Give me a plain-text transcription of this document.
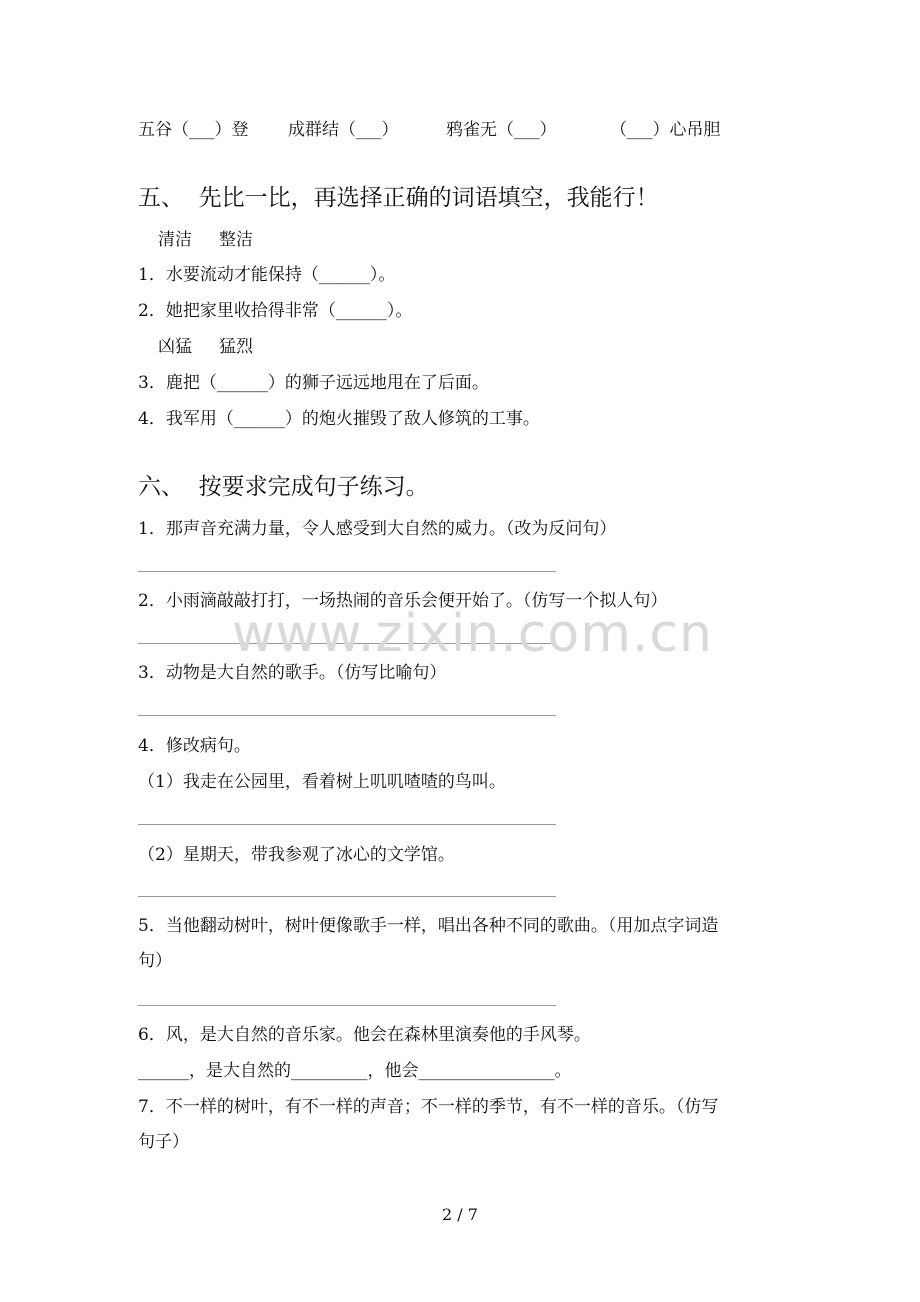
五谷（___）登 成群结（___）	鸦雀无（___）	（___）心吊胆
五、  先比一比，再选择正确的词语填空，我能行！
清洁     整洁
1．水要流动才能保持（______）。
2．她把家里收拾得非常（______）。
凶猛     猛烈
3．鹿把（______）的狮子远远地甩在了后面。
4．我军用（______）的炮火摧毁了敌人修筑的工事。
六、  按要求完成句子练习。
1．那声音充满力量，令人感受到大自然的威力。（改为反问句）
2．小雨滴敲敲打打，一场热闹的音乐会便开始了。（仿写一个拟人句）
3．动物是大自然的歌手。（仿写比喻句）
4．修改病句。
（1）我走在公园里，看着树上叽叽喳喳的鸟叫。
（2）星期天，带我参观了冰心的文学馆。
5．当他翻动树叶，树叶便像歌手一样，唱出各种不同的歌曲。（用加点字词造
句）
6．风，是大自然的音乐家。他会在森林里演奏他的手风琴。
______，是大自然的_________，他会________________。
7．不一样的树叶，有不一样的声音；不一样的季节，有不一样的音乐。（仿写
句子）
www.zixin.com.cn
2 / 7
